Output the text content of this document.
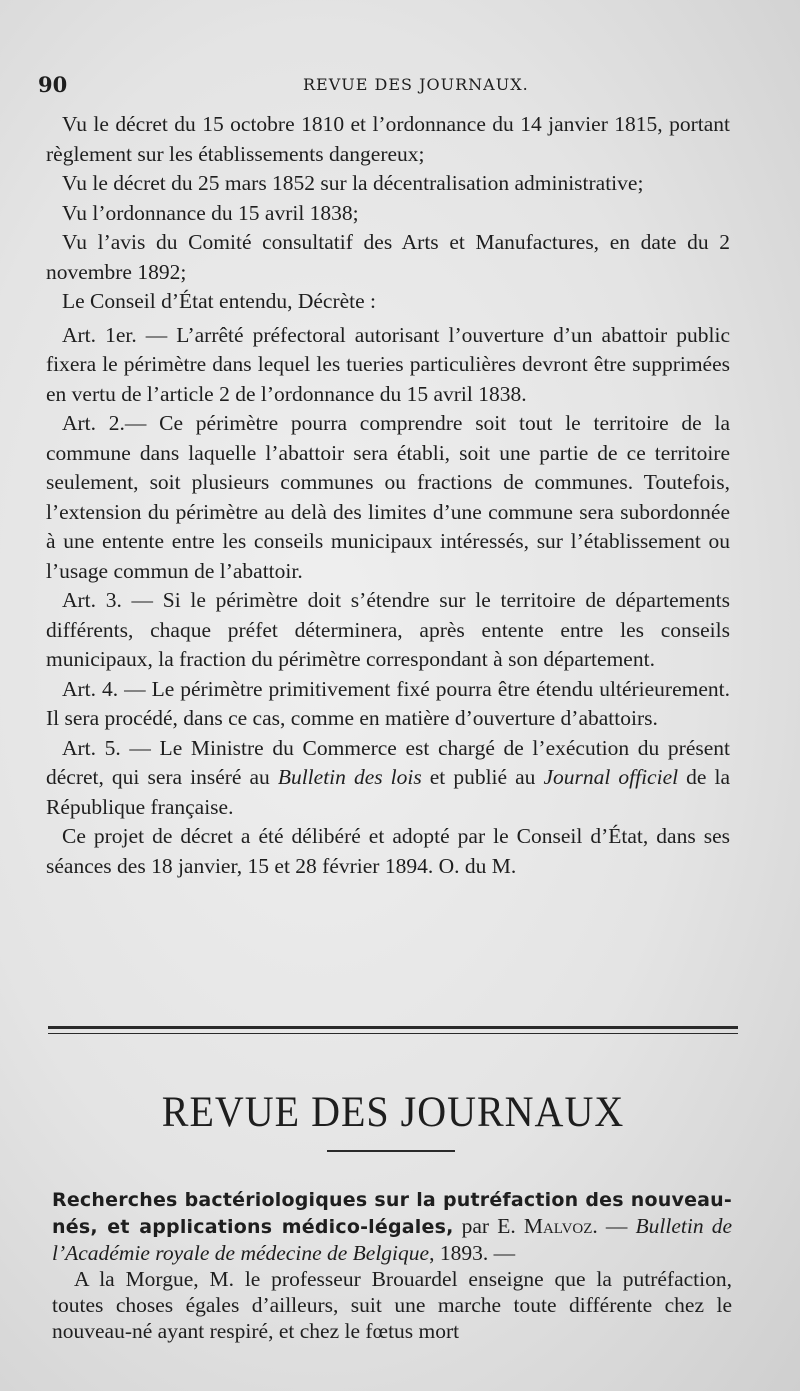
90	REVUE DES JOURNAUX.

Vu le décret du 15 octobre 1810 et l’ordonnance du 14 janvier 1815, portant règlement sur les établissements dangereux;

Vu le décret du 25 mars 1852 sur la décentralisation administrative;

Vu l’ordonnance du 15 avril 1838;

Vu l’avis du Comité consultatif des Arts et Manufactures, en date du 2 novembre 1892;

Le Conseil d’État entendu, Décrète :

Art. 1er. — L’arrêté préfectoral autorisant l’ouverture d’un abattoir public fixera le périmètre dans lequel les tueries particulières devront être supprimées en vertu de l’article 2 de l’ordonnance du 15 avril 1838.

Art. 2.— Ce périmètre pourra comprendre soit tout le territoire de la commune dans laquelle l’abattoir sera établi, soit une partie de ce territoire seulement, soit plusieurs communes ou fractions de communes. Toutefois, l’extension du périmètre au delà des limites d’une commune sera subordonnée à une entente entre les conseils municipaux intéressés, sur l’établissement ou l’usage commun de l’abattoir.

Art. 3. — Si le périmètre doit s’étendre sur le territoire de départements différents, chaque préfet déterminera, après entente entre les conseils municipaux, la fraction du périmètre correspondant à son département.

Art. 4. — Le périmètre primitivement fixé pourra être étendu ultérieurement. Il sera procédé, dans ce cas, comme en matière d’ouverture d’abattoirs.

Art. 5. — Le Ministre du Commerce est chargé de l’exécution du présent décret, qui sera inséré au Bulletin des lois et publié au Journal officiel de la République française.

Ce projet de décret a été délibéré et adopté par le Conseil d’État, dans ses séances des 18 janvier, 15 et 28 février 1894. O. du M.

REVUE DES JOURNAUX

Recherches bactériologiques sur la putréfaction des nouveau-nés, et applications médico-légales, par E. Malvoz. — Bulletin de l’Académie royale de médecine de Belgique, 1893. —

A la Morgue, M. le professeur Brouardel enseigne que la putréfaction, toutes choses égales d’ailleurs, suit une marche toute différente chez le nouveau-né ayant respiré, et chez le fœtus mort
